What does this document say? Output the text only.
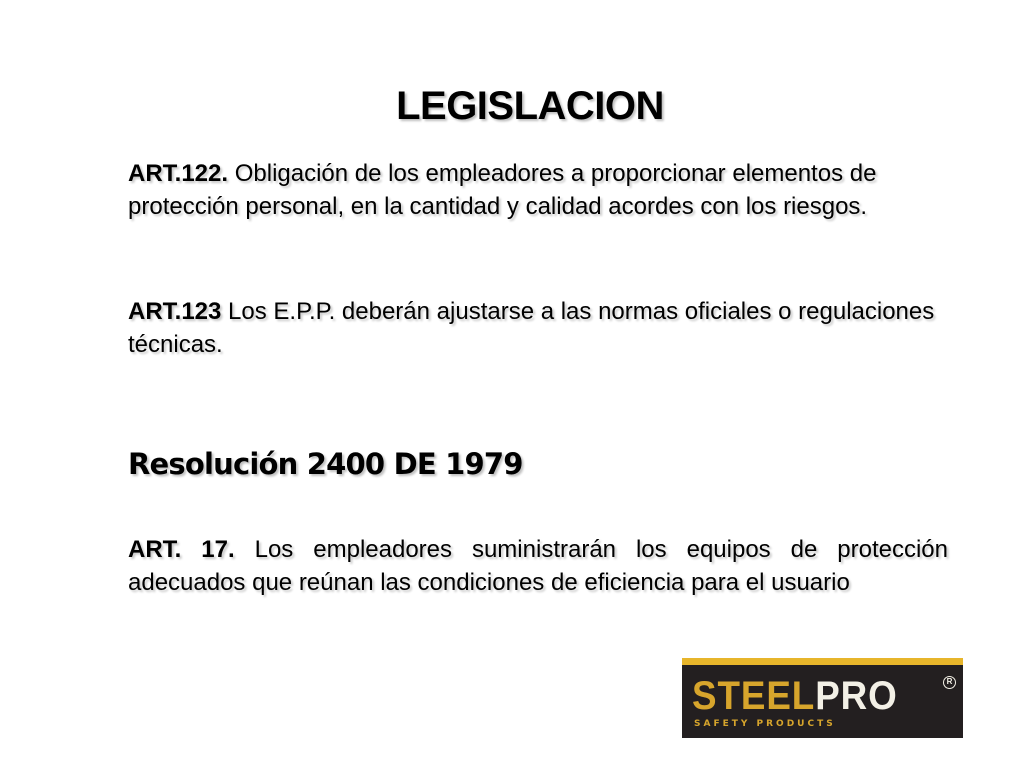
LEGISLACION
ART.122. Obligación de los empleadores a proporcionar elementos de protección personal, en la cantidad y calidad acordes con los riesgos.
ART.123 Los E.P.P. deberán ajustarse a las normas oficiales o regulaciones técnicas.
Resolución 2400 DE 1979
ART. 17. Los empleadores suministrarán los equipos de protección adecuados que reúnan las condiciones de eficiencia para el usuario
STEELPRO	R
SAFETY PRODUCTS
